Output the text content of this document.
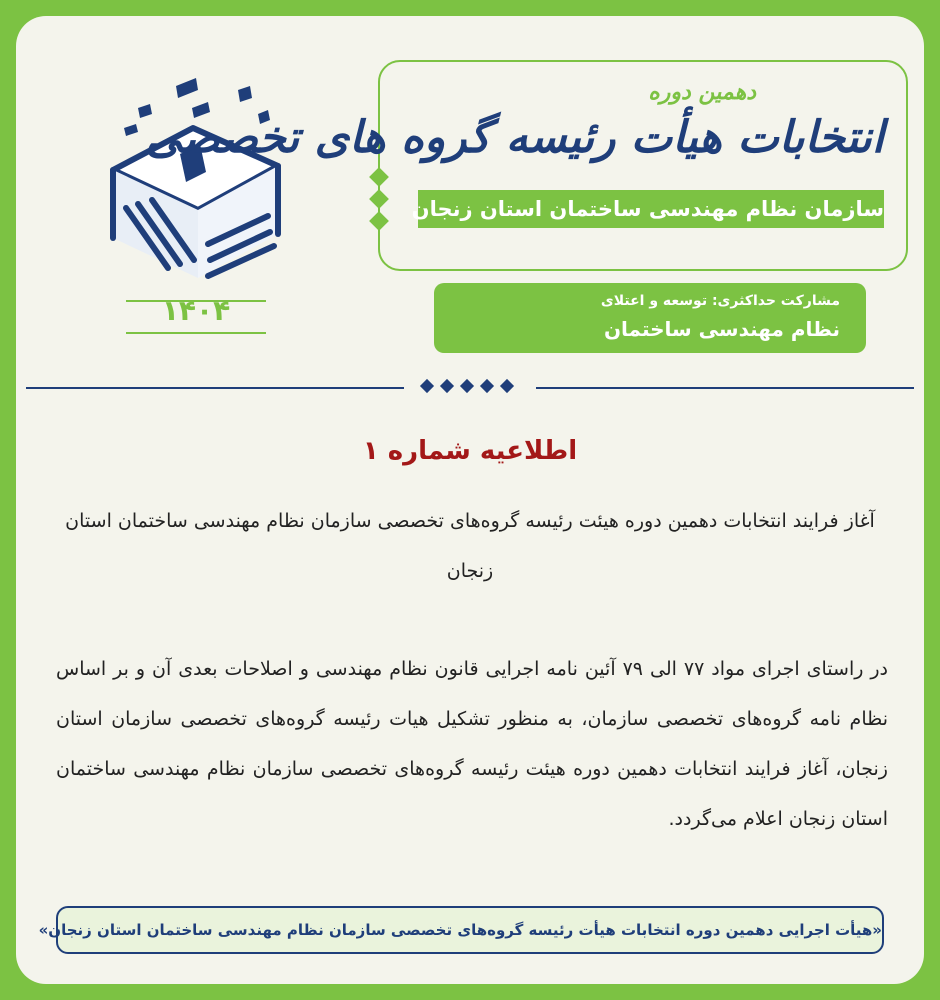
۱۴۰۴
دهمین دوره
انتخابات هیأت رئیسه گروه های تخصصی
سازمان نظام مهندسی ساختمان استان زنجان
مشارکت حداکثری: توسعه و اعتلای
نظام مهندسی ساختمان
اطلاعیه شماره ۱
آغاز فرایند انتخابات دهمین دوره هیئت رئیسه گروه‌های تخصصی سازمان نظام مهندسی ساختمان استان زنجان
در راستای اجرای مواد ۷۷ الی ۷۹ آئین نامه اجرایی قانون نظام مهندسی و اصلاحات بعدی آن و بر اساس نظام نامه گروه‌های تخصصی سازمان، به منظور تشکیل هیات رئیسه گروه‌های تخصصی سازمان استان زنجان، آغاز فرایند انتخابات دهمین دوره هیئت رئیسه گروه‌های تخصصی سازمان نظام مهندسی ساختمان استان زنجان اعلام می‌گردد.
«هیأت اجرایی دهمین دوره انتخابات هیأت رئیسه گروه‌های تخصصی سازمان نظام مهندسی ساختمان استان زنجان»
